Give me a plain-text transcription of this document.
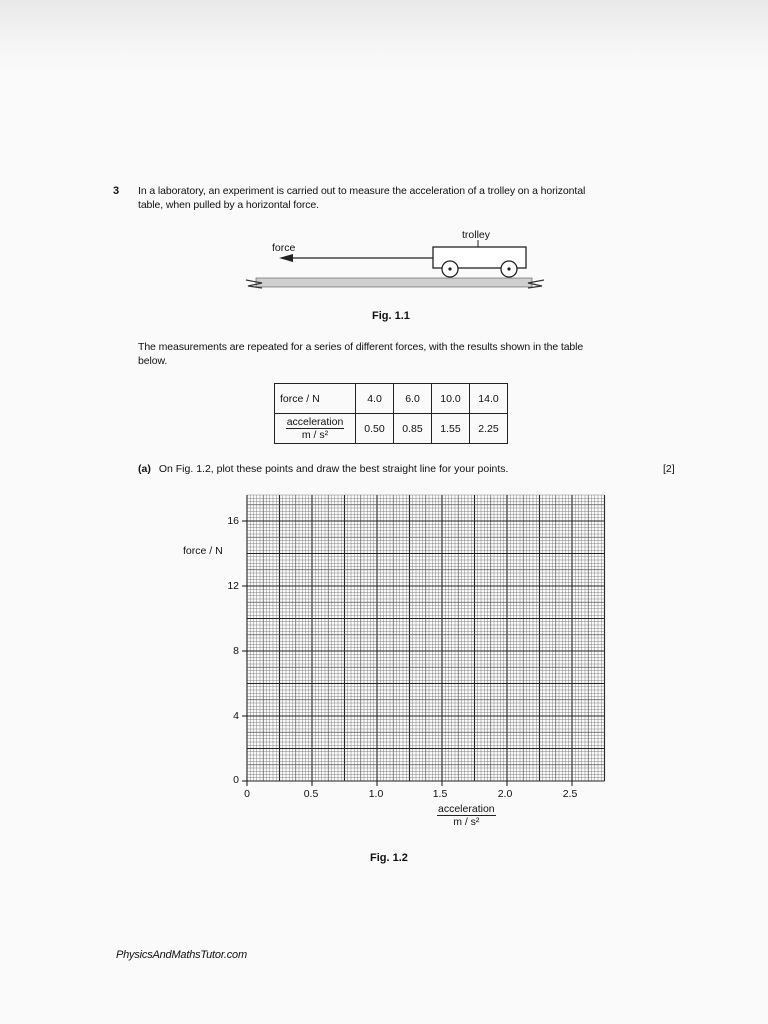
3 In a laboratory, an experiment is carried out to measure the acceleration of a trolley on a horizontal
table, when pulled by a horizontal force.
trolley
force
Fig. 1.1
The measurements are repeated for a series of different forces, with the results shown in the table
below.
force / N	4.0	6.0	10.0	14.0

$\frac{\text{acceleration}}{\text{m / s²}}$	0.50	0.85	1.55	2.25
(a) On Fig. 1.2, plot these points and draw the best straight line for your points.	[2]
force / N
16
12
8
4
0
0	0.5	1.0	1.5	2.0	2.5
$\frac{\text{acceleration}}{\text{m / s²}}$
Fig. 1.2
PhysicsAndMathsTutor.com
